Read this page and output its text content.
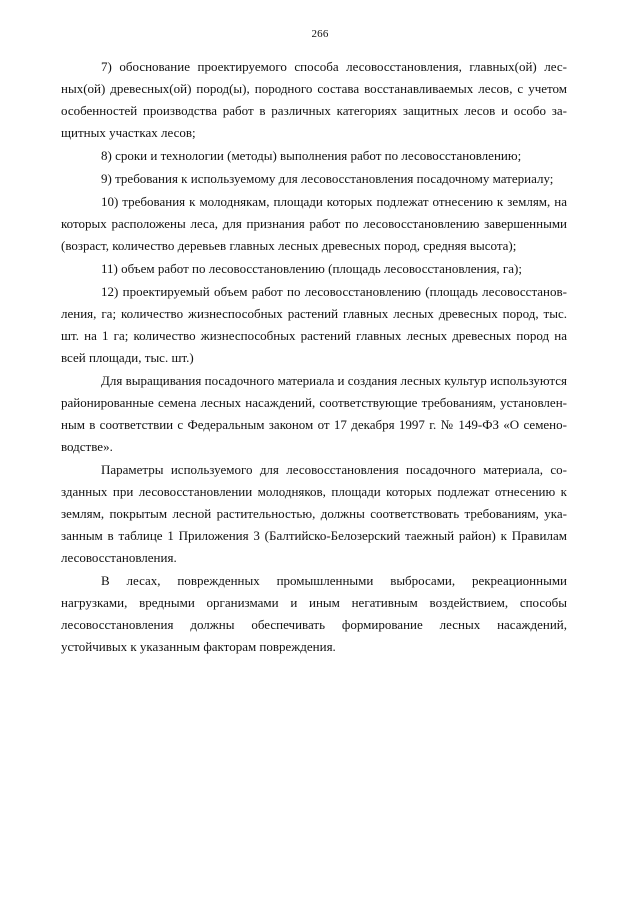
266

7) обоснование проектируемого способа лесовосстановления, главных(ой) лесных(ой) древесных(ой) пород(ы), породного состава восстанавливаемых лесов, с учетом особенностей производства работ в различных категориях защитных лесов и особо защитных участках лесов;

8) сроки и технологии (методы) выполнения работ по лесовосстановлению;

9) требования к используемому для лесовосстановления посадочному материалу;

10) требования к молоднякам, площади которых подлежат отнесению к землям, на которых расположены леса, для признания работ по лесовосстановлению завершенными (возраст, количество деревьев главных лесных древесных пород, средняя высота);

11) объем работ по лесовосстановлению (площадь лесовосстановления, га);

12) проектируемый объем работ по лесовосстановлению (площадь лесовосстановления, га; количество жизнеспособных растений главных лесных древесных пород, тыс. шт. на 1 га; количество жизнеспособных растений главных лесных древесных пород на всей площади, тыс. шт.)

Для выращивания посадочного материала и создания лесных культур используются районированные семена лесных насаждений, соответствующие требованиям, установленным в соответствии с Федеральным законом от 17 декабря 1997 г. № 149-ФЗ «О семеноводстве».

Параметры используемого для лесовосстановления посадочного материала, созданных при лесовосстановлении молодняков, площади которых подлежат отнесению к землям, покрытым лесной растительностью, должны соответствовать требованиям, указанным в таблице 1 Приложения 3 (Балтийско-Белозерский таежный район) к Правилам лесовосстановления.

В лесах, поврежденных промышленными выбросами, рекреационными нагрузками, вредными организмами и иным негативным воздействием, способы лесовосстановления должны обеспечивать формирование лесных насаждений, устойчивых к указанным факторам повреждения.
